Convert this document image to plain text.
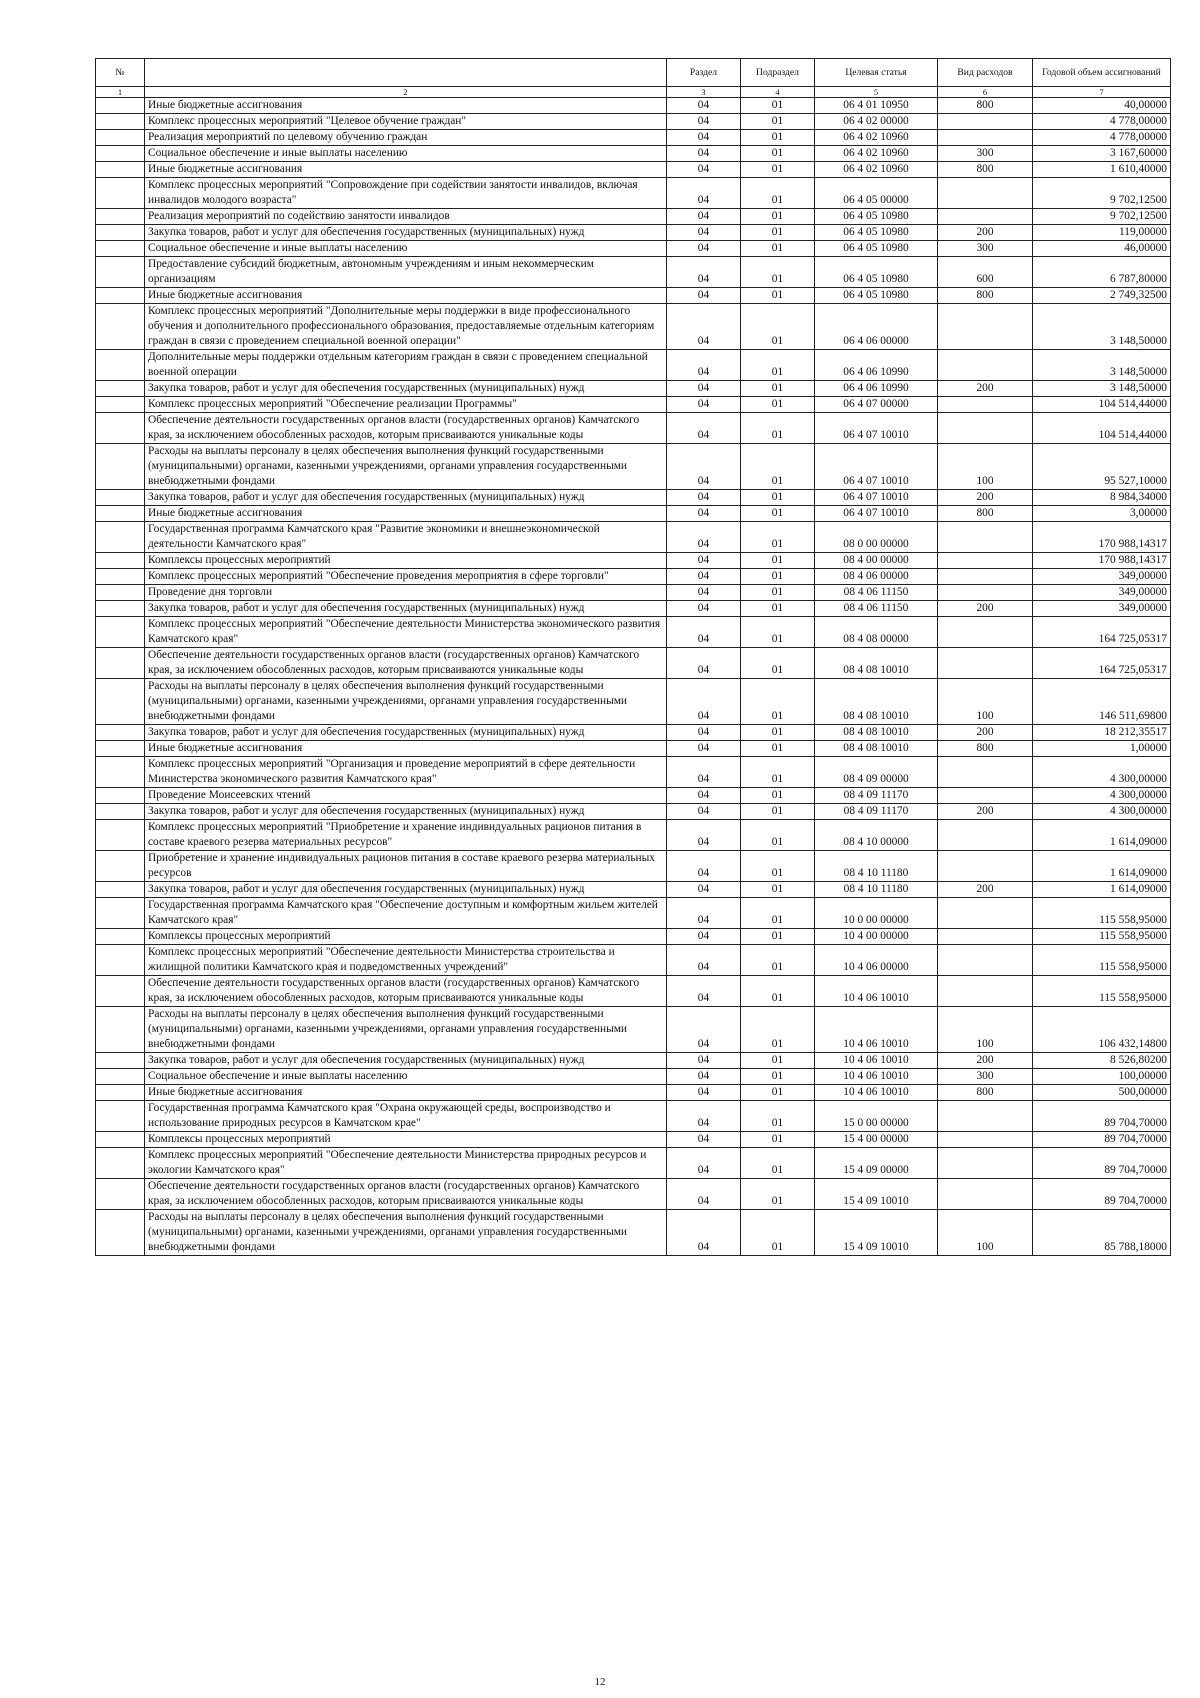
№		Раздел	Подраздел	Целевая статья	Вид расходов	Годовой объем ассигнований
1	2	3	4	5	6	7
	Иные бюджетные ассигнования	04	01	06 4 01 10950	800	40,00000
	Комплекс процессных мероприятий "Целевое обучение граждан"	04	01	06 4 02 00000		4 778,00000
	Реализация мероприятий по целевому обучению граждан	04	01	06 4 02 10960		4 778,00000
	Социальное обеспечение и иные выплаты населению	04	01	06 4 02 10960	300	3 167,60000
	Иные бюджетные ассигнования	04	01	06 4 02 10960	800	1 610,40000
	Комплекс процессных мероприятий "Сопровождение при содействии занятости инвалидов, включая инвалидов молодого возраста"	04	01	06 4 05 00000		9 702,12500
	Реализация мероприятий по содействию занятости инвалидов	04	01	06 4 05 10980		9 702,12500
	Закупка товаров, работ и услуг для обеспечения государственных (муниципальных) нужд	04	01	06 4 05 10980	200	119,00000
	Социальное обеспечение и иные выплаты населению	04	01	06 4 05 10980	300	46,00000
	Предоставление субсидий бюджетным, автономным учреждениям и иным некоммерческим организациям	04	01	06 4 05 10980	600	6 787,80000
	Иные бюджетные ассигнования	04	01	06 4 05 10980	800	2 749,32500
	Комплекс процессных мероприятий "Дополнительные меры поддержки в виде профессионального обучения и дополнительного профессионального образования, предоставляемые отдельным категориям граждан в связи с проведением специальной военной операции"	04	01	06 4 06 00000		3 148,50000
	Дополнительные меры поддержки отдельным категориям граждан в связи с проведением специальной военной операции	04	01	06 4 06 10990		3 148,50000
	Закупка товаров, работ и услуг для обеспечения государственных (муниципальных) нужд	04	01	06 4 06 10990	200	3 148,50000
	Комплекс процессных мероприятий "Обеспечение реализации Программы"	04	01	06 4 07 00000		104 514,44000
	Обеспечение деятельности государственных органов власти (государственных органов) Камчатского края, за исключением обособленных расходов, которым присваиваются уникальные коды	04	01	06 4 07 10010		104 514,44000
	Расходы на выплаты персоналу в целях обеспечения выполнения функций государственными (муниципальными) органами, казенными учреждениями, органами управления государственными внебюджетными фондами	04	01	06 4 07 10010	100	95 527,10000
	Закупка товаров, работ и услуг для обеспечения государственных (муниципальных) нужд	04	01	06 4 07 10010	200	8 984,34000
	Иные бюджетные ассигнования	04	01	06 4 07 10010	800	3,00000
	Государственная программа Камчатского края "Развитие экономики и внешнеэкономической деятельности Камчатского края"	04	01	08 0 00 00000		170 988,14317
	Комплексы процессных мероприятий	04	01	08 4 00 00000		170 988,14317
	Комплекс процессных мероприятий "Обеспечение проведения мероприятия в сфере торговли"	04	01	08 4 06 00000		349,00000
	Проведение дня торговли	04	01	08 4 06 11150		349,00000
	Закупка товаров, работ и услуг для обеспечения государственных (муниципальных) нужд	04	01	08 4 06 11150	200	349,00000
	Комплекс процессных мероприятий "Обеспечение деятельности Министерства экономического развития Камчатского края"	04	01	08 4 08 00000		164 725,05317
	Обеспечение деятельности государственных органов власти (государственных органов) Камчатского края, за исключением обособленных расходов, которым присваиваются уникальные коды	04	01	08 4 08 10010		164 725,05317
	Расходы на выплаты персоналу в целях обеспечения выполнения функций государственными (муниципальными) органами, казенными учреждениями, органами управления государственными внебюджетными фондами	04	01	08 4 08 10010	100	146 511,69800
	Закупка товаров, работ и услуг для обеспечения государственных (муниципальных) нужд	04	01	08 4 08 10010	200	18 212,35517
	Иные бюджетные ассигнования	04	01	08 4 08 10010	800	1,00000
	Комплекс процессных мероприятий "Организация и проведение мероприятий в сфере деятельности Министерства экономического развития Камчатского края"	04	01	08 4 09 00000		4 300,00000
	Проведение Моисеевских чтений	04	01	08 4 09 11170		4 300,00000
	Закупка товаров, работ и услуг для обеспечения государственных (муниципальных) нужд	04	01	08 4 09 11170	200	4 300,00000
	Комплекс процессных мероприятий "Приобретение и хранение индивидуальных рационов питания в составе краевого резерва материальных ресурсов"	04	01	08 4 10 00000		1 614,09000
	Приобретение и хранение индивидуальных рационов питания в составе краевого резерва материальных ресурсов	04	01	08 4 10 11180		1 614,09000
	Закупка товаров, работ и услуг для обеспечения государственных (муниципальных) нужд	04	01	08 4 10 11180	200	1 614,09000
	Государственная программа Камчатского края "Обеспечение доступным и комфортным жильем жителей Камчатского края"	04	01	10 0 00 00000		115 558,95000
	Комплексы процессных мероприятий	04	01	10 4 00 00000		115 558,95000
	Комплекс процессных мероприятий "Обеспечение деятельности Министерства строительства и жилищной политики Камчатского края и подведомственных учреждений"	04	01	10 4 06 00000		115 558,95000
	Обеспечение деятельности государственных органов власти (государственных органов) Камчатского края, за исключением обособленных расходов, которым присваиваются уникальные коды	04	01	10 4 06 10010		115 558,95000
	Расходы на выплаты персоналу в целях обеспечения выполнения функций государственными (муниципальными) органами, казенными учреждениями, органами управления государственными внебюджетными фондами	04	01	10 4 06 10010	100	106 432,14800
	Закупка товаров, работ и услуг для обеспечения государственных (муниципальных) нужд	04	01	10 4 06 10010	200	8 526,80200
	Социальное обеспечение и иные выплаты населению	04	01	10 4 06 10010	300	100,00000
	Иные бюджетные ассигнования	04	01	10 4 06 10010	800	500,00000
	Государственная программа Камчатского края "Охрана окружающей среды, воспроизводство и использование природных ресурсов в Камчатском крае"	04	01	15 0 00 00000		89 704,70000
	Комплексы процессных мероприятий	04	01	15 4 00 00000		89 704,70000
	Комплекс процессных мероприятий "Обеспечение деятельности Министерства природных ресурсов и экологии Камчатского края"	04	01	15 4 09 00000		89 704,70000
	Обеспечение деятельности государственных органов власти (государственных органов) Камчатского края, за исключением обособленных расходов, которым присваиваются уникальные коды	04	01	15 4 09 10010		89 704,70000
	Расходы на выплаты персоналу в целях обеспечения выполнения функций государственными (муниципальными) органами, казенными учреждениями, органами управления государственными внебюджетными фондами	04	01	15 4 09 10010	100	85 788,18000
12
